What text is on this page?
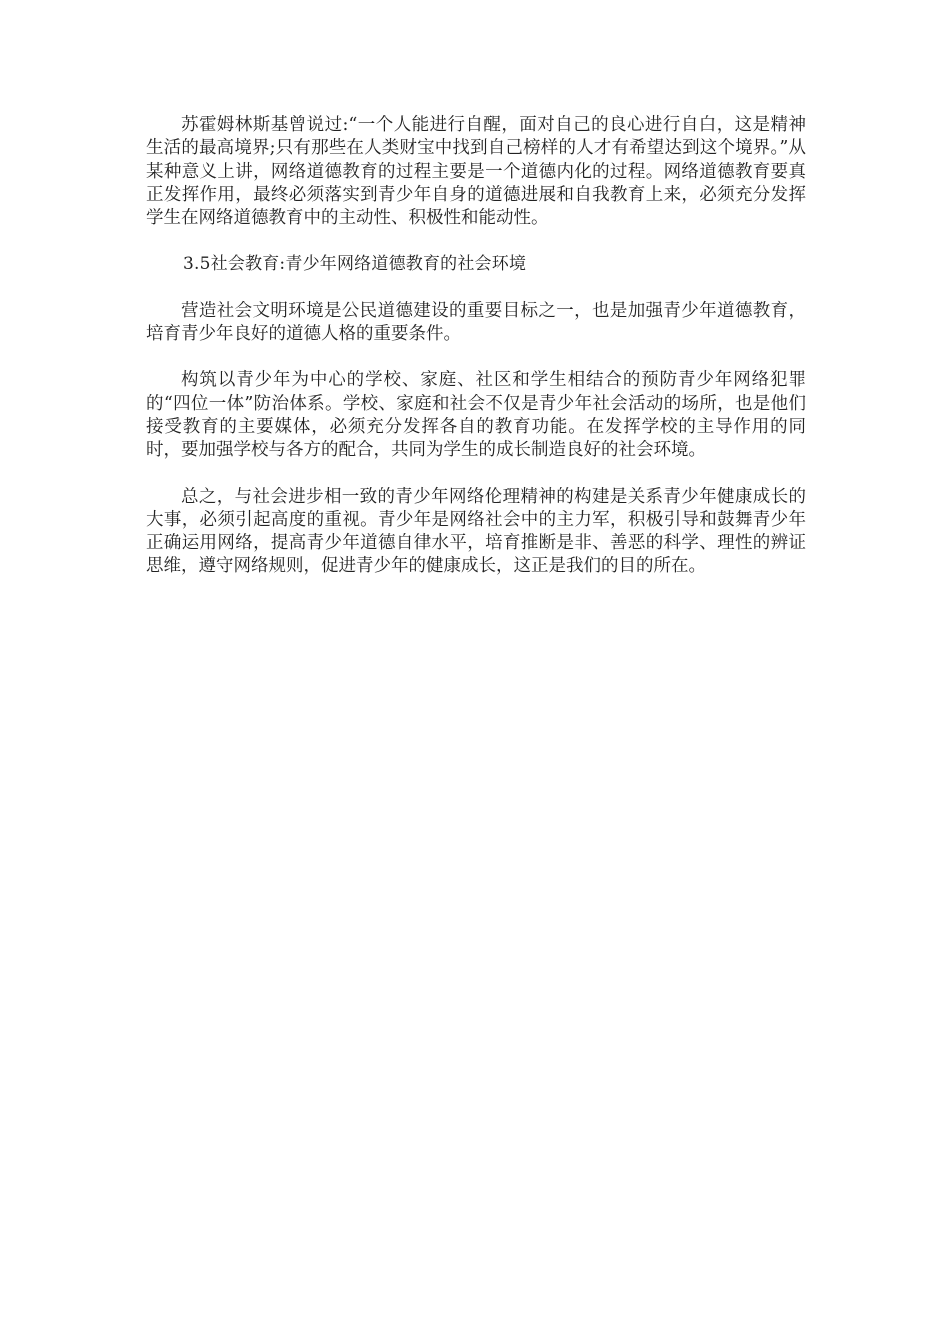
苏霍姆林斯基曾说过:“一个人能进行自醒，面对自己的良心进行自白，这是精神生活的最高境界;只有那些在人类财宝中找到自己榜样的人才有希望达到这个境界。”从某种意义上讲，网络道德教育的过程主要是一个道德内化的过程。网络道德教育要真正发挥作用，最终必须落实到青少年自身的道德进展和自我教育上来，必须充分发挥学生在网络道德教育中的主动性、积极性和能动性。

3.5社会教育:青少年网络道德教育的社会环境

营造社会文明环境是公民道德建设的重要目标之一，也是加强青少年道德教育，培育青少年良好的道德人格的重要条件。

构筑以青少年为中心的学校、家庭、社区和学生相结合的预防青少年网络犯罪的“四位一体”防治体系。学校、家庭和社会不仅是青少年社会活动的场所，也是他们接受教育的主要媒体，必须充分发挥各自的教育功能。在发挥学校的主导作用的同时，要加强学校与各方的配合，共同为学生的成长制造良好的社会环境。

总之，与社会进步相一致的青少年网络伦理精神的构建是关系青少年健康成长的大事，必须引起高度的重视。青少年是网络社会中的主力军，积极引导和鼓舞青少年正确运用网络，提高青少年道德自律水平，培育推断是非、善恶的科学、理性的辨证思维，遵守网络规则，促进青少年的健康成长，这正是我们的目的所在。
